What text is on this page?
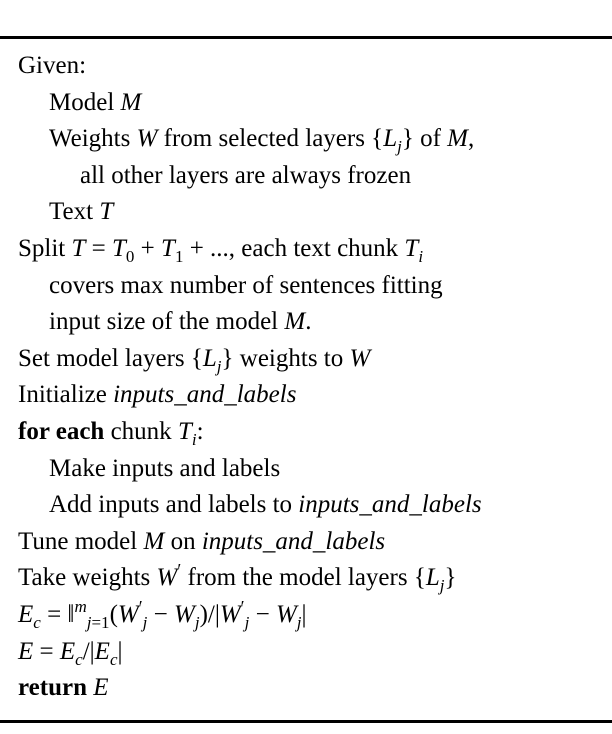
Given:
Model M
Weights W from selected layers $\{L_j\}$ of M,
all other layers are always frozen
Text T
Split $T = T_0 + T_1$ + ..., each text chunk $T_i$
covers max number of sentences fitting
input size of the model M.
Set model layers $\{L_j\}$ weights to W
Initialize inputs_and_labels
for each chunk $T_i$:
Make inputs and labels
Add inputs and labels to inputs_and_labels
Tune model M on inputs_and_labels
Take weights W′ from the model layers $\{L_j\}$
$E_c$ = $‖^m_{j=1}(W'_j - W_j)/|W'_j - W_j|$
$E = E_c/|E_c|$
return E
